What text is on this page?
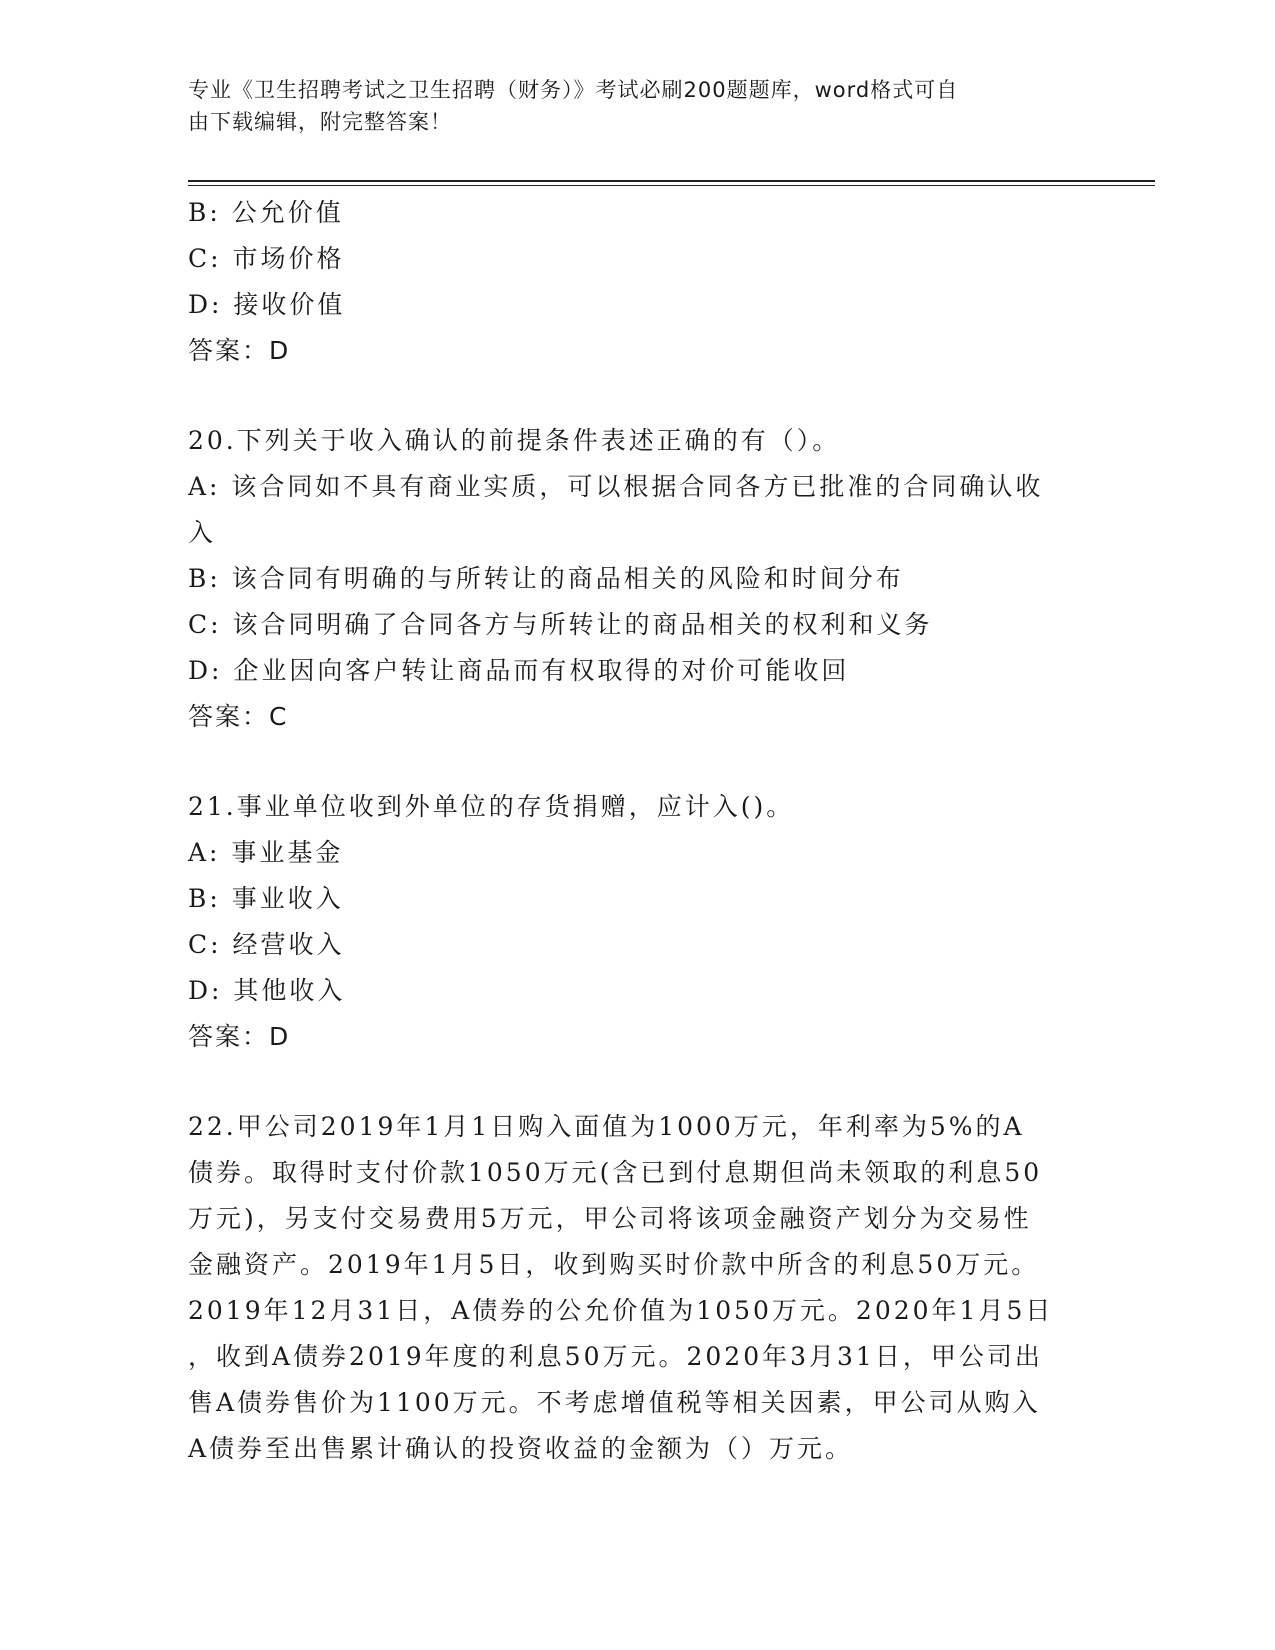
专业《卫生招聘考试之卫生招聘（财务）》考试必刷200题题库，word格式可自
由下载编辑，附完整答案！
B: 公允价值
C: 市场价格
D: 接收价值
答案：D
20.下列关于收入确认的前提条件表述正确的有（）。
A: 该合同如不具有商业实质，可以根据合同各方已批准的合同确认收
入
B: 该合同有明确的与所转让的商品相关的风险和时间分布
C: 该合同明确了合同各方与所转让的商品相关的权利和义务
D: 企业因向客户转让商品而有权取得的对价可能收回
答案：C
21.事业单位收到外单位的存货捐赠，应计入()。
A: 事业基金
B: 事业收入
C: 经营收入
D: 其他收入
答案：D
22.甲公司2019年1月1日购入面值为1000万元，年利率为5%的A
债券。取得时支付价款1050万元(含已到付息期但尚未领取的利息50
万元)，另支付交易费用5万元，甲公司将该项金融资产划分为交易性
金融资产。2019年1月5日，收到购买时价款中所含的利息50万元。
2019年12月31日，A债券的公允价值为1050万元。2020年1月5日
，收到A债券2019年度的利息50万元。2020年3月31日，甲公司出
售A债券售价为1100万元。不考虑增值税等相关因素，甲公司从购入
A债券至出售累计确认的投资收益的金额为（）万元。
